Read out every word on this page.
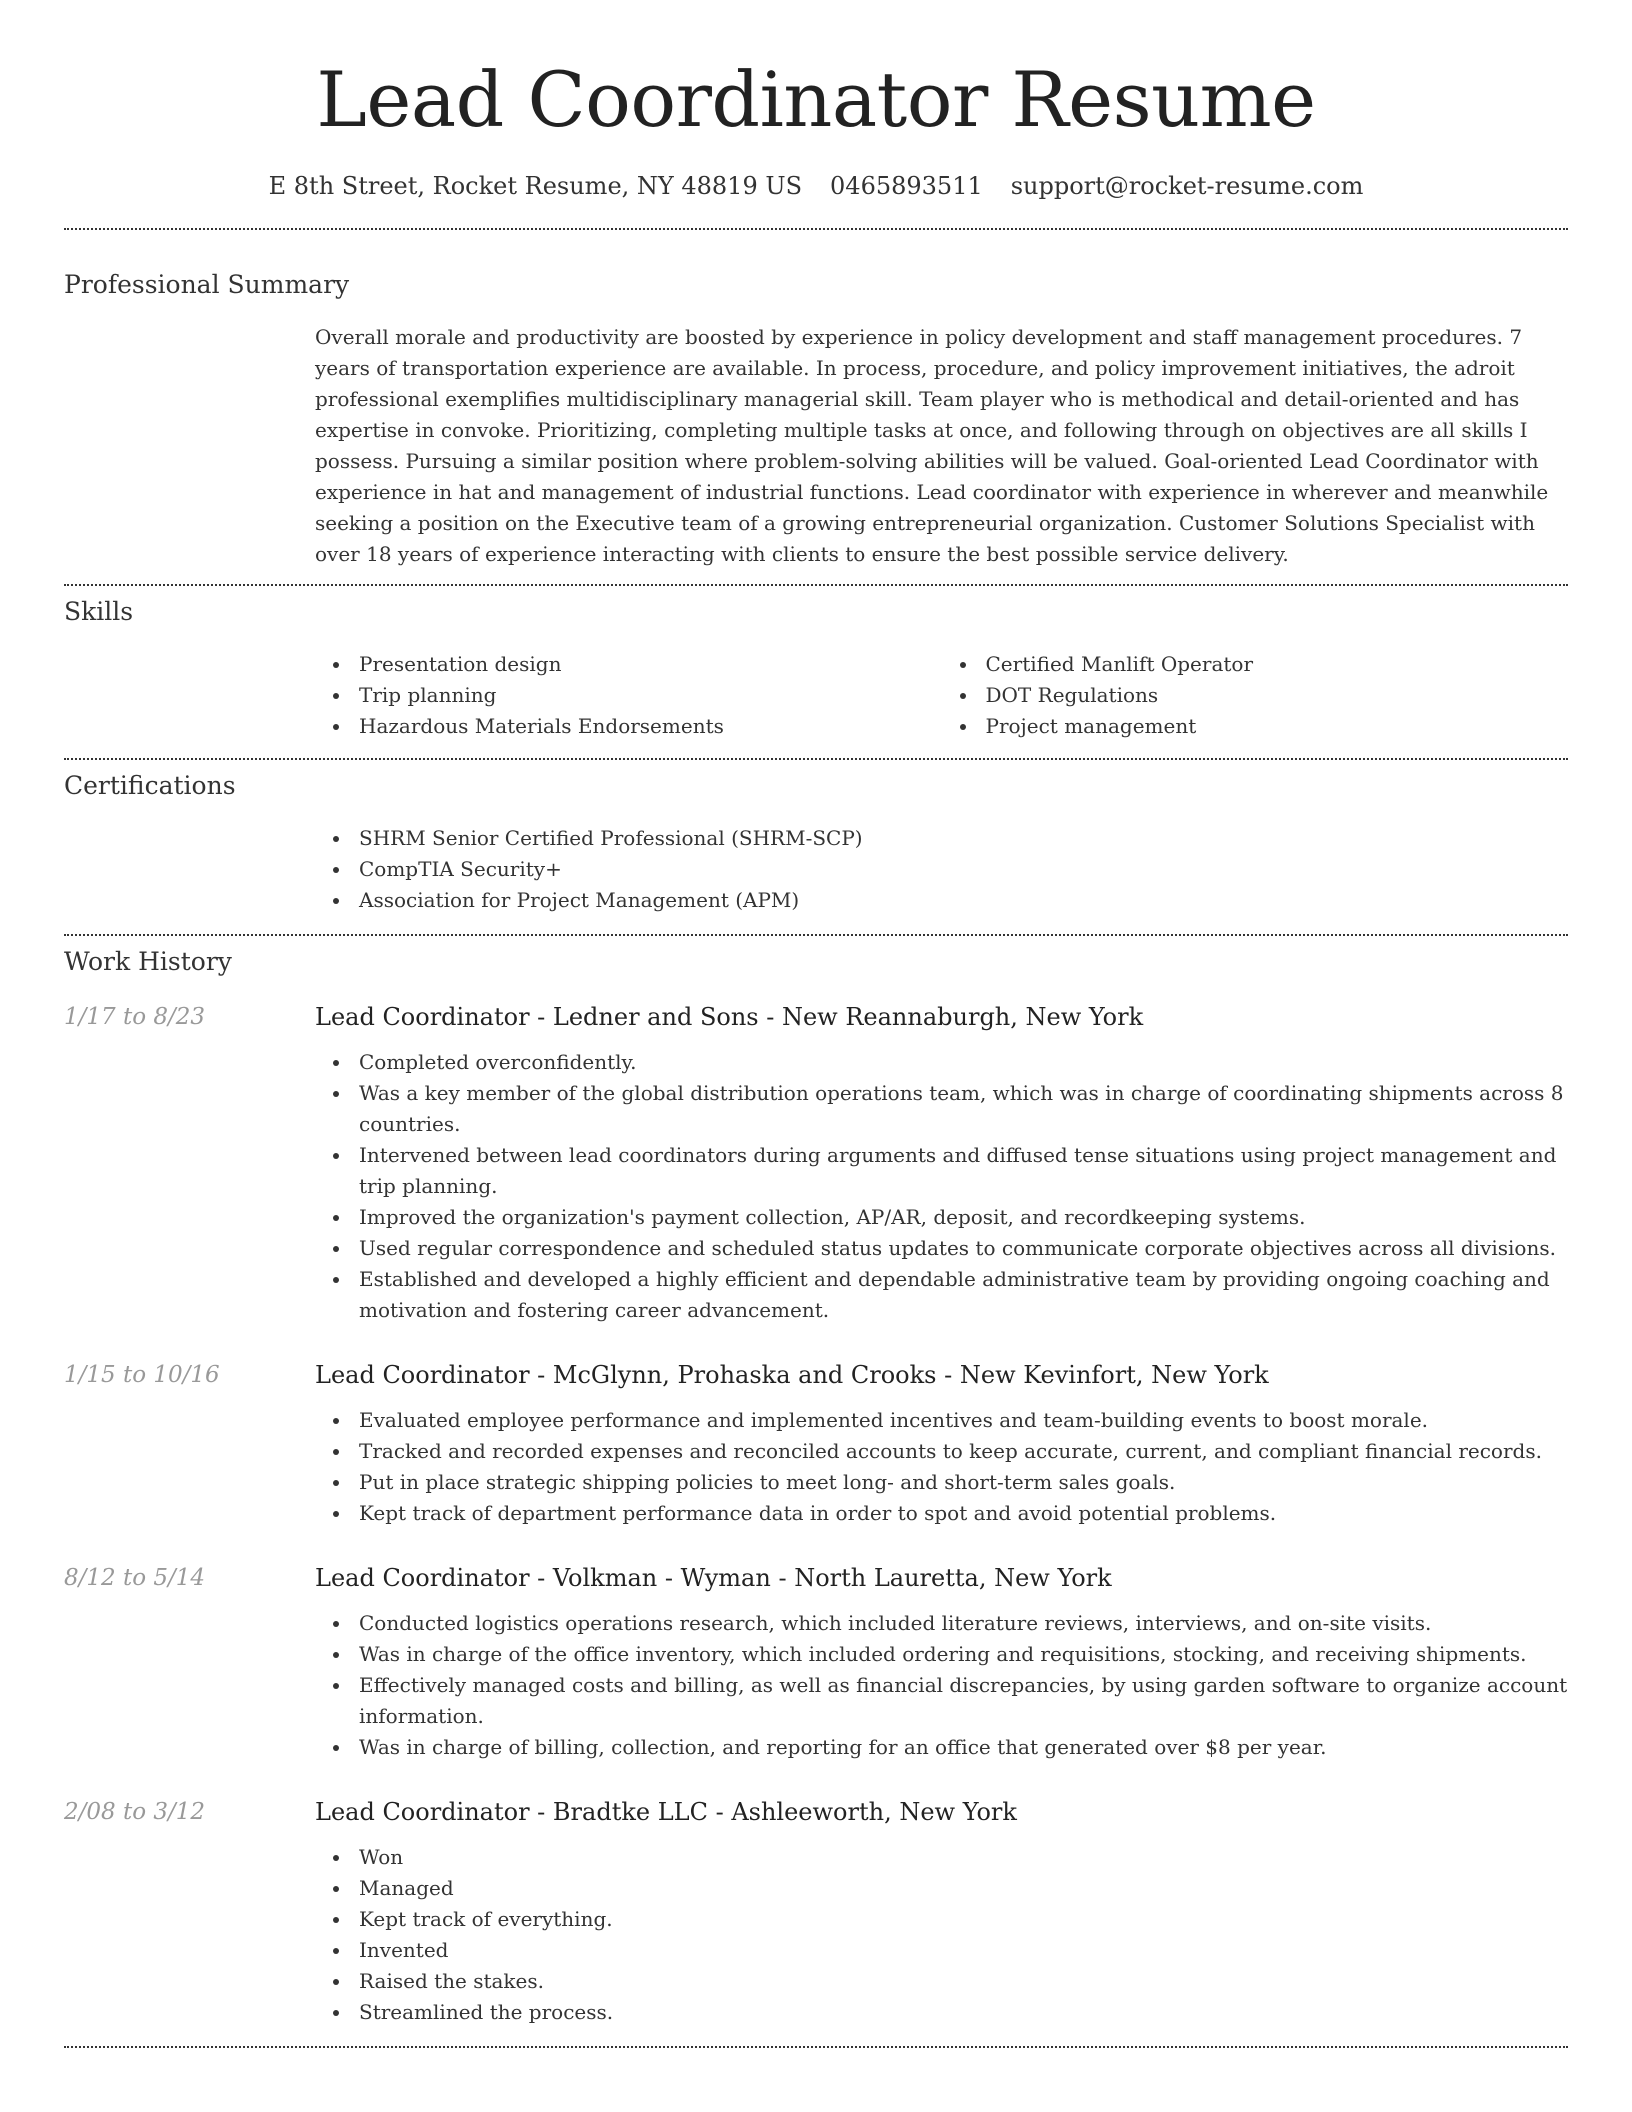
Lead Coordinator Resume
E 8th Street, Rocket Resume, NY 48819 US 0465893511 support@rocket-resume.com
Professional Summary

Overall morale and productivity are boosted by experience in policy development and staff management procedures. 7 years of transportation experience are available. In process, procedure, and policy improvement initiatives, the adroit professional exemplifies multidisciplinary managerial skill. Team player who is methodical and detail-oriented and has expertise in convoke. Prioritizing, completing multiple tasks at once, and following through on objectives are all skills I possess. Pursuing a similar position where problem-solving abilities will be valued. Goal-oriented Lead Coordinator with experience in hat and management of industrial functions. Lead coordinator with experience in wherever and meanwhile seeking a position on the Executive team of a growing entrepreneurial organization. Customer Solutions Specialist with over 18 years of experience interacting with clients to ensure the best possible service delivery.

Skills
Presentation design
Trip planning
Hazardous Materials Endorsements
Certified Manlift Operator
DOT Regulations
Project management
Certifications
SHRM Senior Certified Professional (SHRM-SCP)
CompTIA Security+
Association for Project Management (APM)
Work History
1/17 to 8/23	Lead Coordinator - Ledner and Sons - New Reannaburgh, New York
Completed overconfidently.
Was a key member of the global distribution operations team, which was in charge of coordinating shipments across 8 countries.
Intervened between lead coordinators during arguments and diffused tense situations using project management and trip planning.
Improved the organization's payment collection, AP/AR, deposit, and recordkeeping systems.
Used regular correspondence and scheduled status updates to communicate corporate objectives across all divisions.
Established and developed a highly efficient and dependable administrative team by providing ongoing coaching and motivation and fostering career advancement.
1/15 to 10/16	Lead Coordinator - McGlynn, Prohaska and Crooks - New Kevinfort, New York
Evaluated employee performance and implemented incentives and team-building events to boost morale.
Tracked and recorded expenses and reconciled accounts to keep accurate, current, and compliant financial records.
Put in place strategic shipping policies to meet long- and short-term sales goals.
Kept track of department performance data in order to spot and avoid potential problems.
8/12 to 5/14	Lead Coordinator - Volkman - Wyman - North Lauretta, New York
Conducted logistics operations research, which included literature reviews, interviews, and on-site visits.
Was in charge of the office inventory, which included ordering and requisitions, stocking, and receiving shipments.
Effectively managed costs and billing, as well as financial discrepancies, by using garden software to organize account information.
Was in charge of billing, collection, and reporting for an office that generated over $8 per year.
2/08 to 3/12	Lead Coordinator - Bradtke LLC - Ashleeworth, New York
Won
Managed
Kept track of everything.
Invented
Raised the stakes.
Streamlined the process.
